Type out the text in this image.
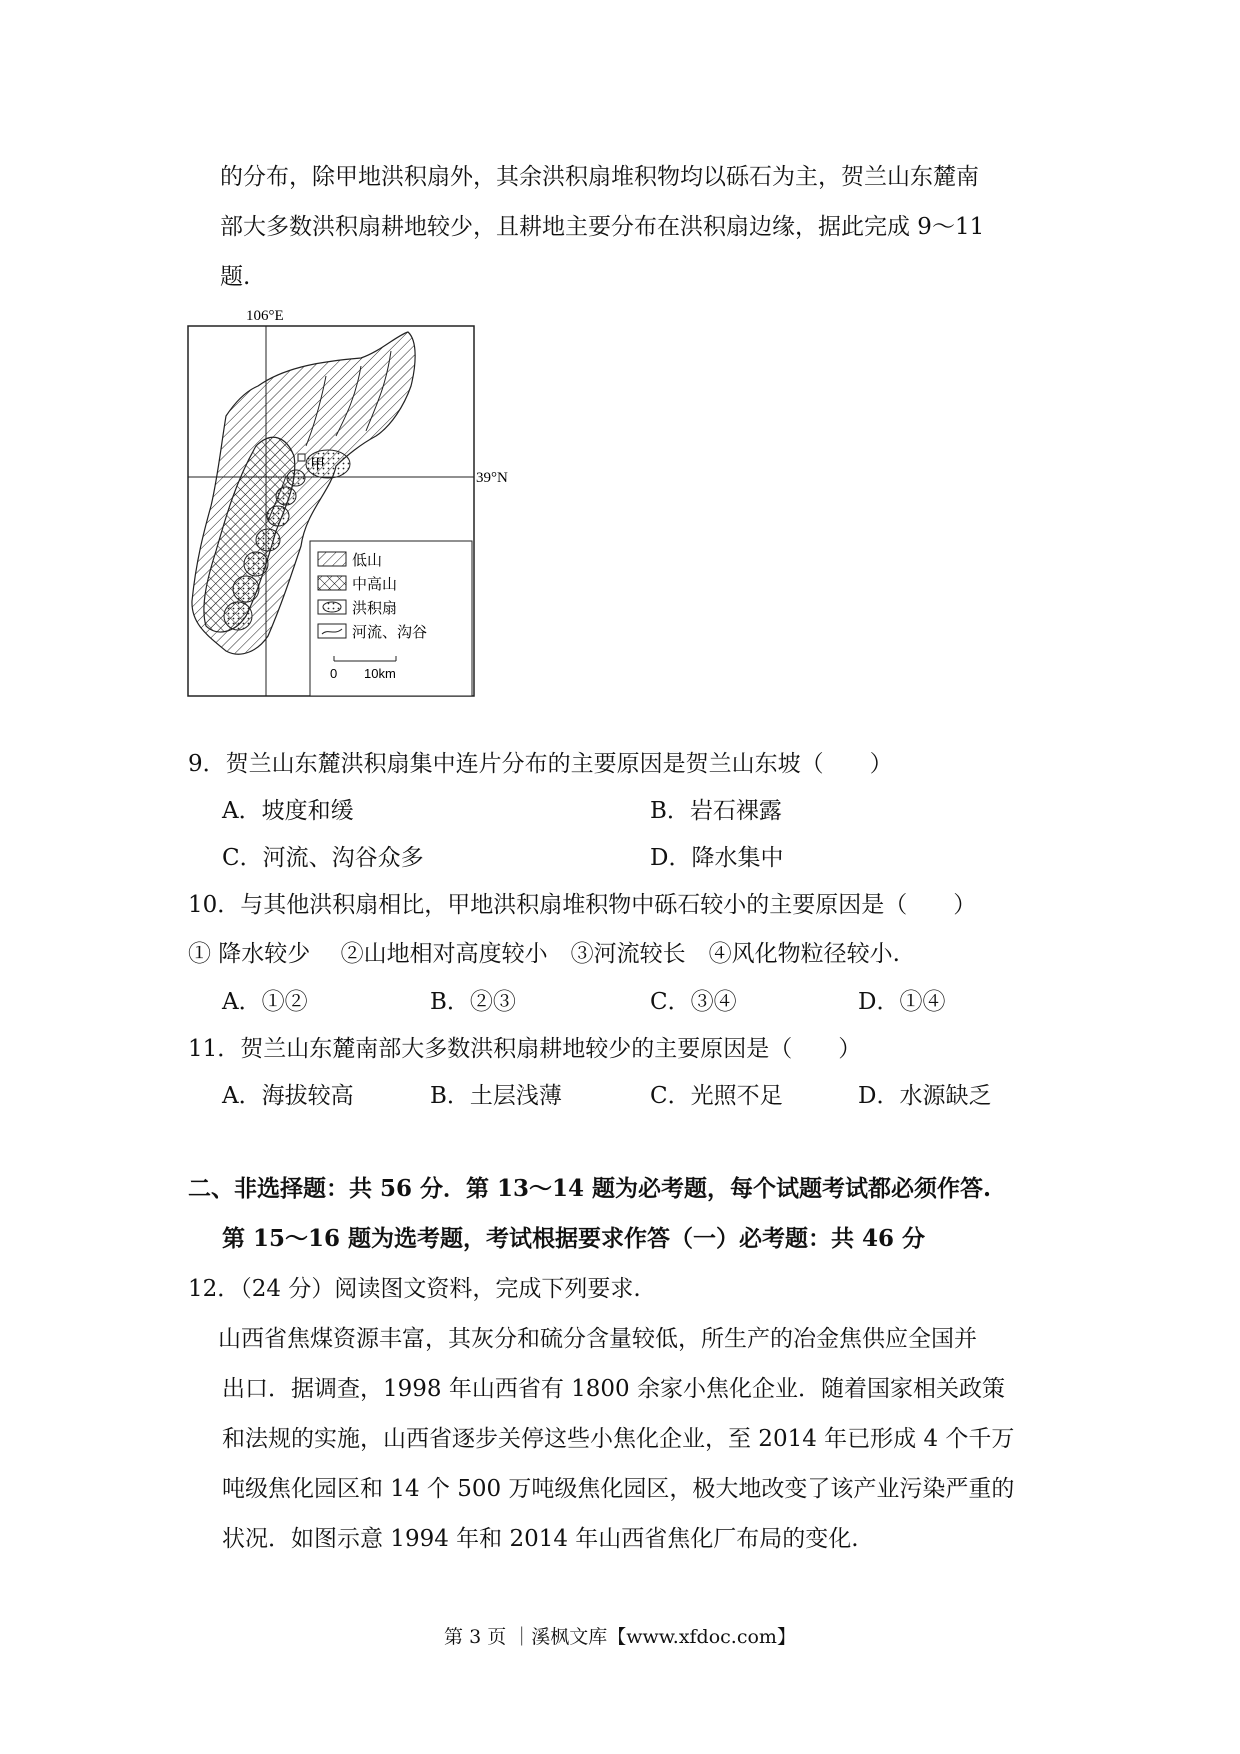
的分布，除甲地洪积扇外，其余洪积扇堆积物均以砾石为主，贺兰山东麓南
部大多数洪积扇耕地较少，且耕地主要分布在洪积扇边缘，据此完成 9～11
题.
106°E
39°N
甲
低山
中高山
洪积扇
河流、沟谷
0 10km
9．贺兰山东麓洪积扇集中连片分布的主要原因是贺兰山东坡（　　）
A．坡度和缓	B．岩石裸露
C．河流、沟谷众多	D．降水集中
10．与其他洪积扇相比，甲地洪积扇堆积物中砾石较小的主要原因是（　　）
① 降水较少　 ②山地相对高度较小　③河流较长　④风化物粒径较小.
A．①②	B．②③	C．③④	D．①④
11．贺兰山东麓南部大多数洪积扇耕地较少的主要原因是（　　）
A．海拔较高	B．土层浅薄	C．光照不足	D．水源缺乏
二、非选择题：共 56 分．第 13～14 题为必考题，每个试题考试都必须作答.
第 15～16 题为选考题，考试根据要求作答（一）必考题：共 46 分
12．（24 分）阅读图文资料，完成下列要求.
山西省焦煤资源丰富，其灰分和硫分含量较低，所生产的冶金焦供应全国并
出口．据调查，1998 年山西省有 1800 余家小焦化企业．随着国家相关政策
和法规的实施，山西省逐步关停这些小焦化企业，至 2014 年已形成 4 个千万
吨级焦化园区和 14 个 500 万吨级焦化园区，极大地改变了该产业污染严重的
状况．如图示意 1994 年和 2014 年山西省焦化厂布局的变化.
第 3 页 ｜溪枫文库【www.xfdoc.com】
